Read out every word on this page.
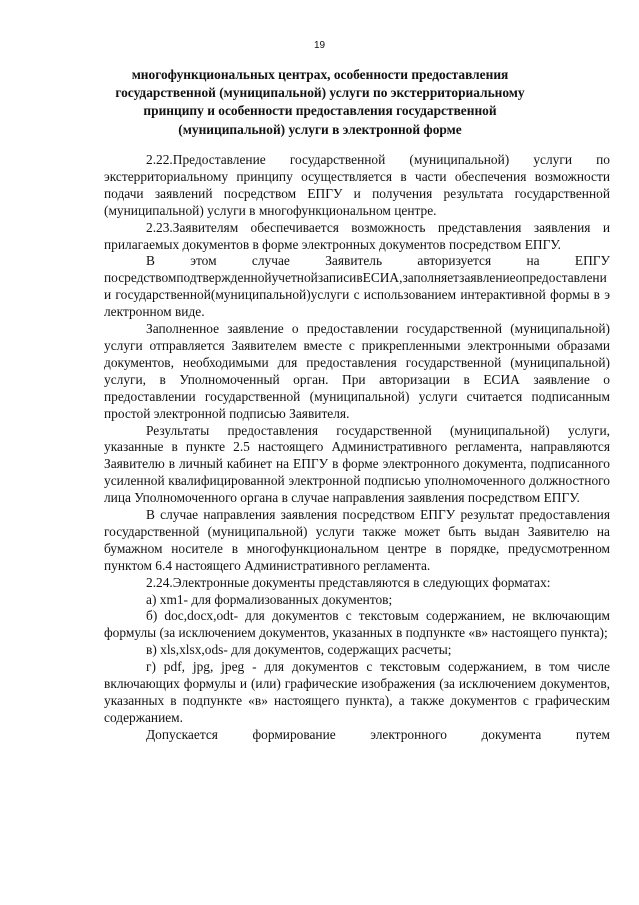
19
многофункциональных центрах, особенности предоставления
государственной (муниципальной) услуги по экстерриториальному
принципу и особенности предоставления государственной
(муниципальной) услуги в электронной форме

2.22.Предоставление государственной (муниципальной) услуги по экстерриториальному принципу осуществляется в части обеспечения возможности подачи заявлений посредством ЕПГУ и получения результата государственной (муниципальной) услуги в многофункциональном центре.

2.23.Заявителям обеспечивается возможность представления заявления и прилагаемых документов в форме электронных документов посредством ЕПГУ.

В этом случае Заявитель авторизуется на ЕПГУ

посредствомподтвержденнойучетнойзаписивЕСИА,заполняетзаявлениеопредоставлении государственной(муниципальной)услуги с использованием интерактивной формы в электронном виде.

Заполненное заявление о предоставлении государственной (муниципальной) услуги отправляется Заявителем вместе с прикрепленными электронными образами документов, необходимыми для предоставления государственной (муниципальной) услуги, в Уполномоченный орган. При авторизации в ЕСИА заявление о предоставлении государственной (муниципальной) услуги считается подписанным простой электронной подписью Заявителя.

Результаты предоставления государственной (муниципальной) услуги, указанные в пункте 2.5 настоящего Административного регламента, направляются Заявителю в личный кабинет на ЕПГУ в форме электронного документа, подписанного усиленной квалифицированной электронной подписью уполномоченного должностного лица Уполномоченного органа в случае направления заявления посредством ЕПГУ.

В случае направления заявления посредством ЕПГУ результат предоставления государственной (муниципальной) услуги также может быть выдан Заявителю на бумажном носителе в многофункциональном центре в порядке, предусмотренном пунктом 6.4 настоящего Административного регламента.

2.24.Электронные документы представляются в следующих форматах:

а) xm1- для формализованных документов;

б) doc,docx,odt- для документов с текстовым содержанием, не включающим формулы (за исключением документов, указанных в подпункте «в» настоящего пункта);

в) xls,xlsx,ods- для документов, содержащих расчеты;

г) pdf, jpg, jpeg - для документов с текстовым содержанием, в том числе включающих формулы и (или) графические изображения (за исключением документов, указанных в подпункте «в» настоящего пункта), а также документов с графическим содержанием.

Допускается формирование электронного документа путем
